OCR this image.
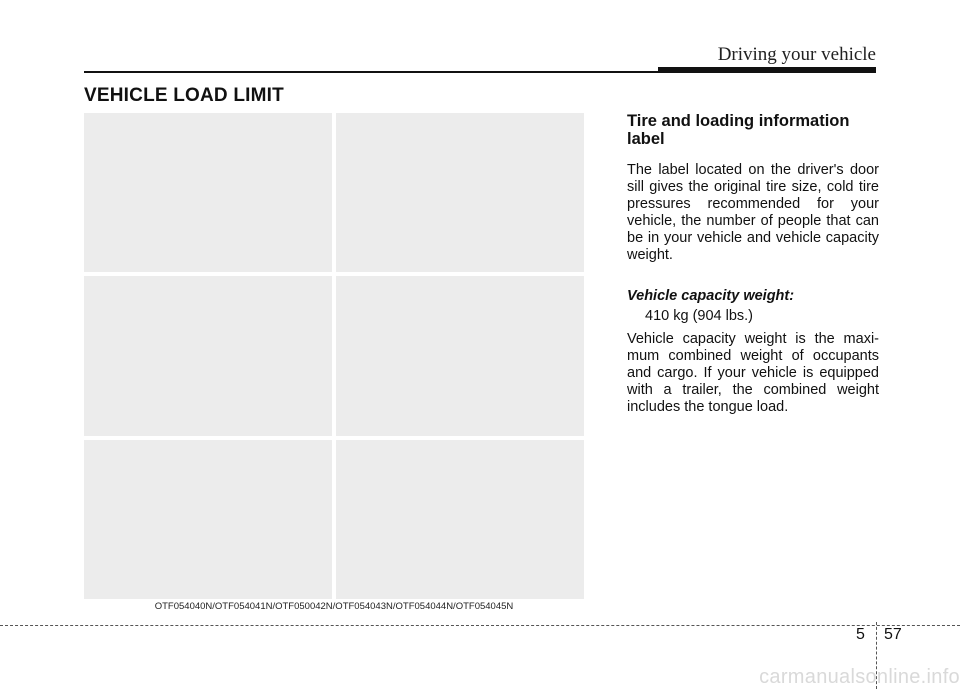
Driving your vehicle
VEHICLE LOAD LIMIT
OTF054040N/OTF054041N/OTF050042N/OTF054043N/OTF054044N/OTF054045N
Tire and loading information label

The label located on the driver's door sill gives the original tire size, cold tire pressures recommended for your vehicle, the number of people that can be in your vehicle and vehicle capacity weight.

Vehicle capacity weight:
410 kg (904 lbs.)

Vehicle capacity weight is the maxi- mum combined weight of occupants and cargo. If your vehicle is equipped with a trailer, the combined weight includes the tongue load.

5 57
carmanualsonline.info
